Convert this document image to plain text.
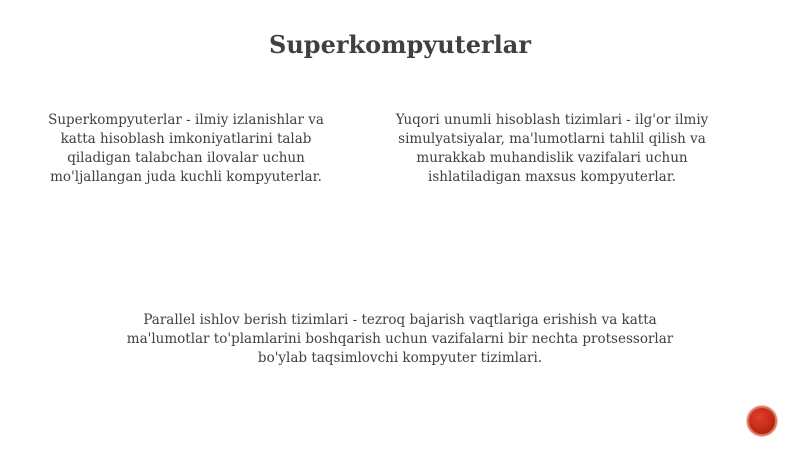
Superkompyuterlar

Superkompyuterlar - ilmiy izlanishlar va katta hisoblash imkoniyatlarini talab qiladigan talabchan ilovalar uchun mo'ljallangan juda kuchli kompyuterlar.

Yuqori unumli hisoblash tizimlari - ilg'or ilmiy simulyatsiyalar, ma'lumotlarni tahlil qilish va murakkab muhandislik vazifalari uchun ishlatiladigan maxsus kompyuterlar.

Parallel ishlov berish tizimlari - tezroq bajarish vaqtlariga erishish va katta ma'lumotlar to'plamlarini boshqarish uchun vazifalarni bir nechta protsessorlar bo'ylab taqsimlovchi kompyuter tizimlari.
